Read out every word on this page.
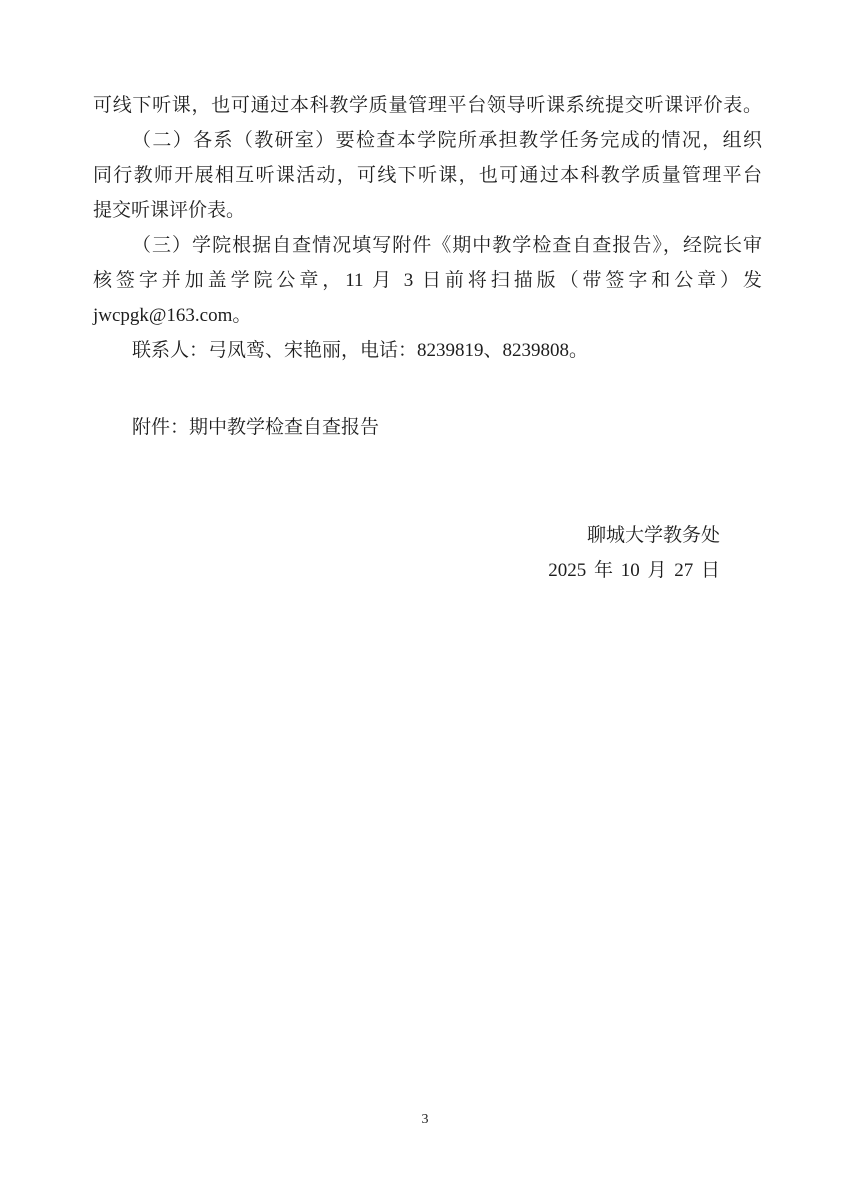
可线下听课，也可通过本科教学质量管理平台领导听课系统提交听课评价表。
（二）各系（教研室）要检查本学院所承担教学任务完成的情况，组织
同行教师开展相互听课活动，可线下听课，也可通过本科教学质量管理平台
提交听课评价表。
（三）学院根据自查情况填写附件《期中教学检查自查报告》，经院长审
核签字并加盖学院公章，11 月 3 日前将扫描版（带签字和公章）发
jwcpgk@163.com。
联系人：弓凤鸾、宋艳丽，电话：8239819、8239808。
附件：期中教学检查自查报告
聊城大学教务处
2025 年 10 月 27 日
3
